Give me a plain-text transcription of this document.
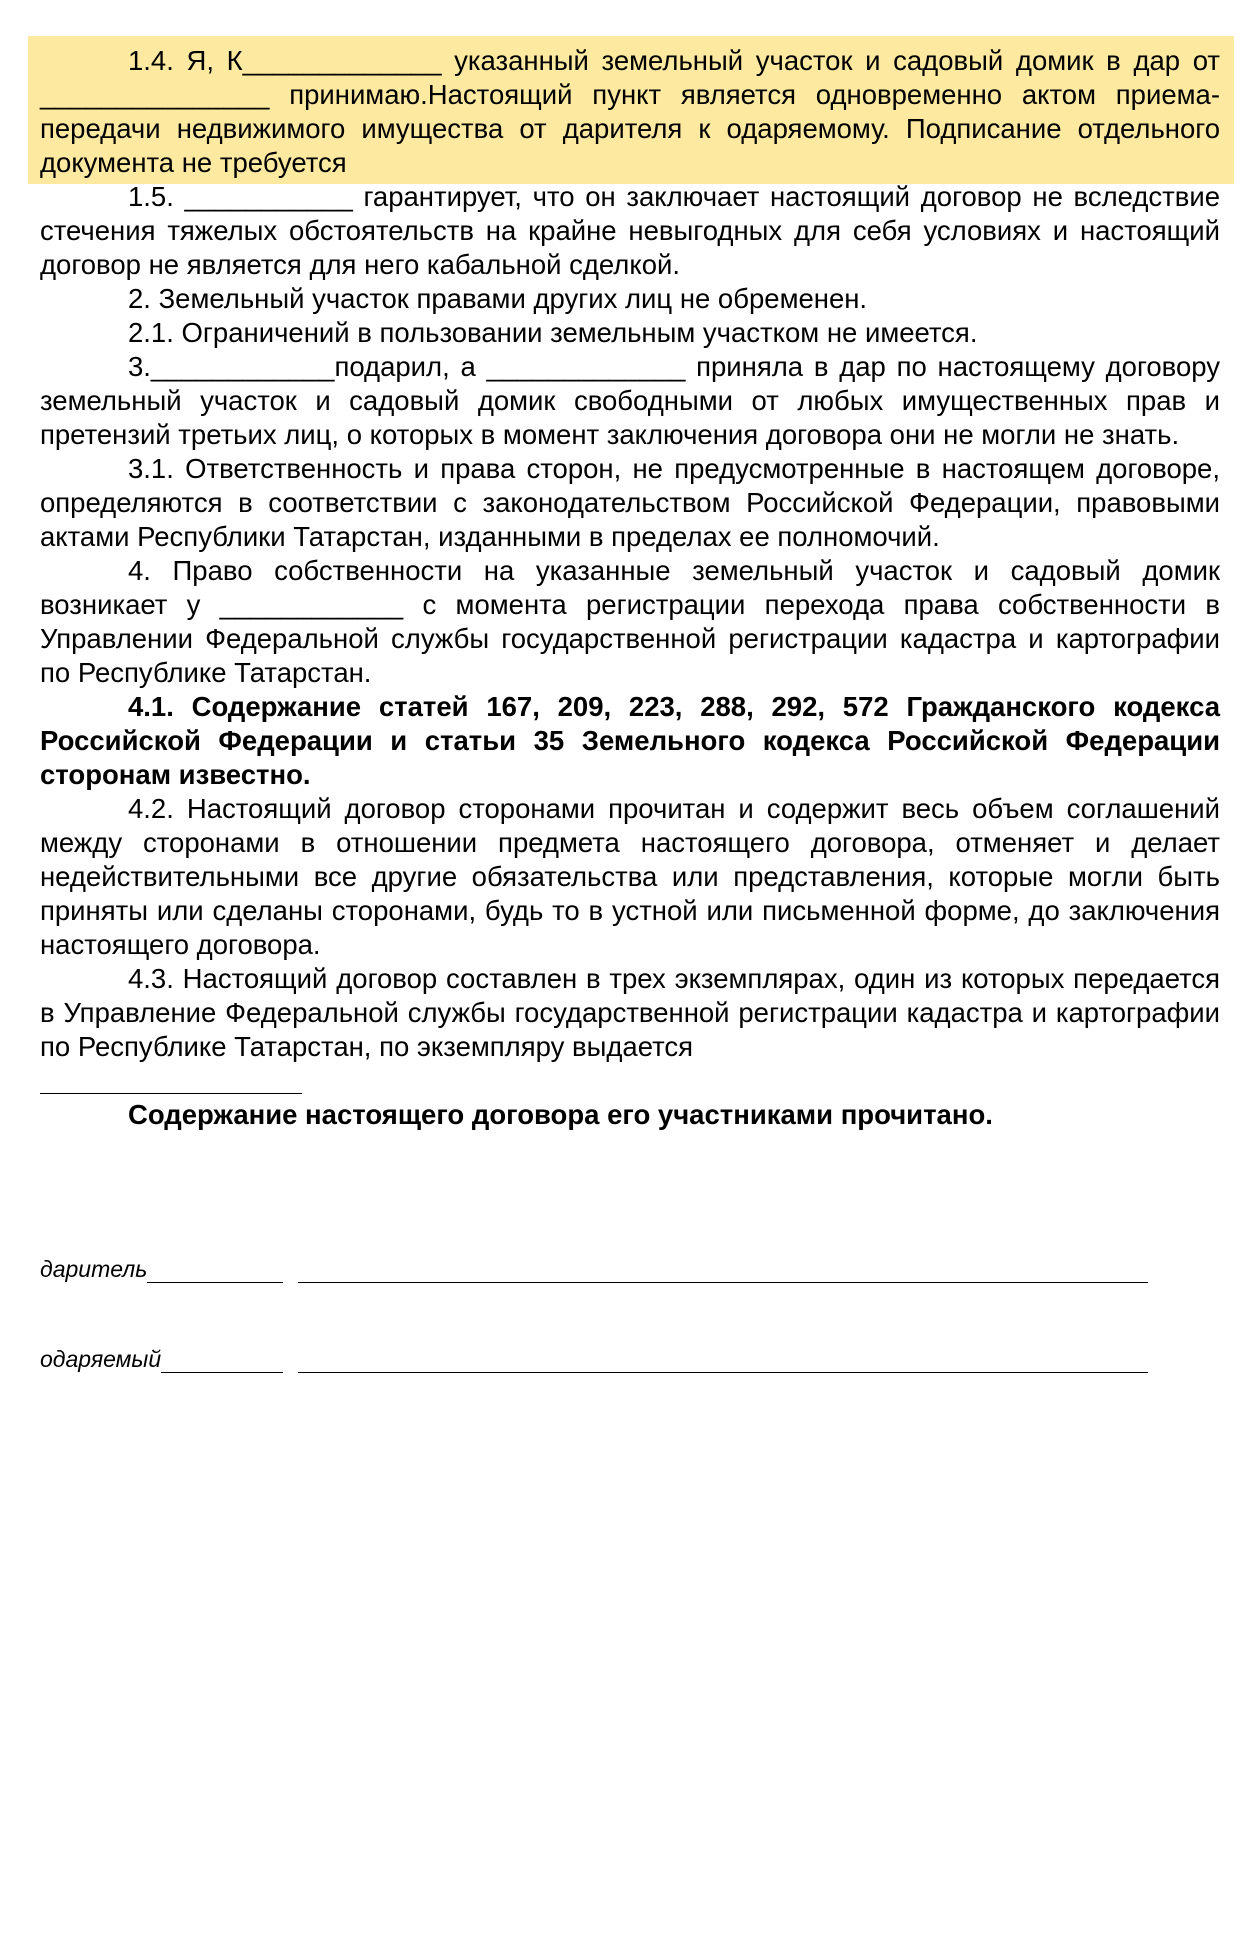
1.4. Я, К_____________ указанный земельный участок и садовый домик в дар от _______________ принимаю.Настоящий пункт является одновременно актом приема-передачи недвижимого имущества от дарителя к одаряемому. Подписание отдельного документа не требуется

1.5. ___________ гарантирует, что он заключает настоящий договор не вследствие стечения тяжелых обстоятельств на крайне невыгодных для себя условиях и настоящий договор не является для него кабальной сделкой.

2. Земельный участок правами других лиц не обременен.

2.1. Ограничений в пользовании земельным участком не имеется.

3.____________подарил, а _____________ приняла в дар по настоящему договору земельный участок и садовый домик свободными от любых имущественных прав и претензий третьих лиц, о которых в момент заключения договора они не могли не знать.

3.1. Ответственность и права сторон, не предусмотренные в настоящем договоре, определяются в соответствии с законодательством Российской Федерации, правовыми актами Республики Татарстан, изданными в пределах ее полномочий.

4. Право собственности на указанные земельный участок и садовый домик возникает у ____________ с момента регистрации перехода права собственности в Управлении Федеральной службы государственной регистрации кадастра и картографии по Республике Татарстан.

4.1. Содержание статей 167, 209, 223, 288, 292, 572 Гражданского кодекса Российской Федерации и статьи 35 Земельного кодекса Российской Федерации сторонам известно.

4.2. Настоящий договор сторонами прочитан и содержит весь объем соглашений между сторонами в отношении предмета настоящего договора, отменяет и делает недействительными все другие обязательства или представления, которые могли быть приняты или сделаны сторонами, будь то в устной или письменной форме, до заключения настоящего договора.

4.3. Настоящий договор составлен в трех экземплярах, один из которых передается в Управление Федеральной службы государственной регистрации кадастра и картографии по Республике Татарстан, по экземпляру выдается

Содержание настоящего договора его участниками прочитано.

даритель
одаряемый
